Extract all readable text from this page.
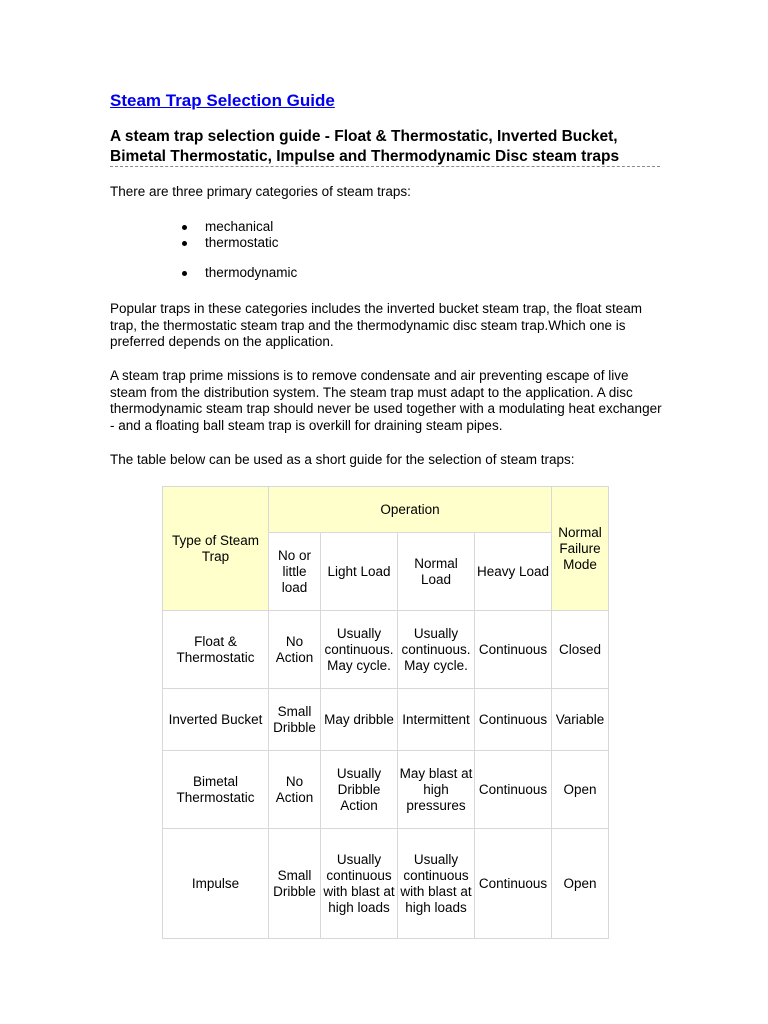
Steam Trap Selection Guide
A steam trap selection guide - Float & Thermostatic, Inverted Bucket, Bimetal Thermostatic, Impulse and Thermodynamic Disc steam traps

There are three primary categories of steam traps:

mechanical
thermostatic
thermodynamic

Popular traps in these categories includes the inverted bucket steam trap, the float steam trap, the thermostatic steam trap and the thermodynamic disc steam trap.Which one is preferred depends on the application.

A steam trap prime missions is to remove condensate and air preventing escape of live steam from the distribution system. The steam trap must adapt to the application. A disc thermodynamic steam trap should never be used together with a modulating heat exchanger - and a floating ball steam trap is overkill for draining steam pipes.

The table below can be used as a short guide for the selection of steam traps:

Type of Steam Trap	Operation				Normal Failure Mode
	No or little load	Light Load	Normal Load	Heavy Load	
Float & Thermostatic	No Action	Usually continuous. May cycle.	Usually continuous. May cycle.	Continuous	Closed
Inverted Bucket	Small Dribble	May dribble	Intermittent	Continuous	Variable
Bimetal Thermostatic	No Action	Usually Dribble Action	May blast at high pressures	Continuous	Open
Impulse	Small Dribble	Usually continuous with blast at high loads	Usually continuous with blast at high loads	Continuous	Open
